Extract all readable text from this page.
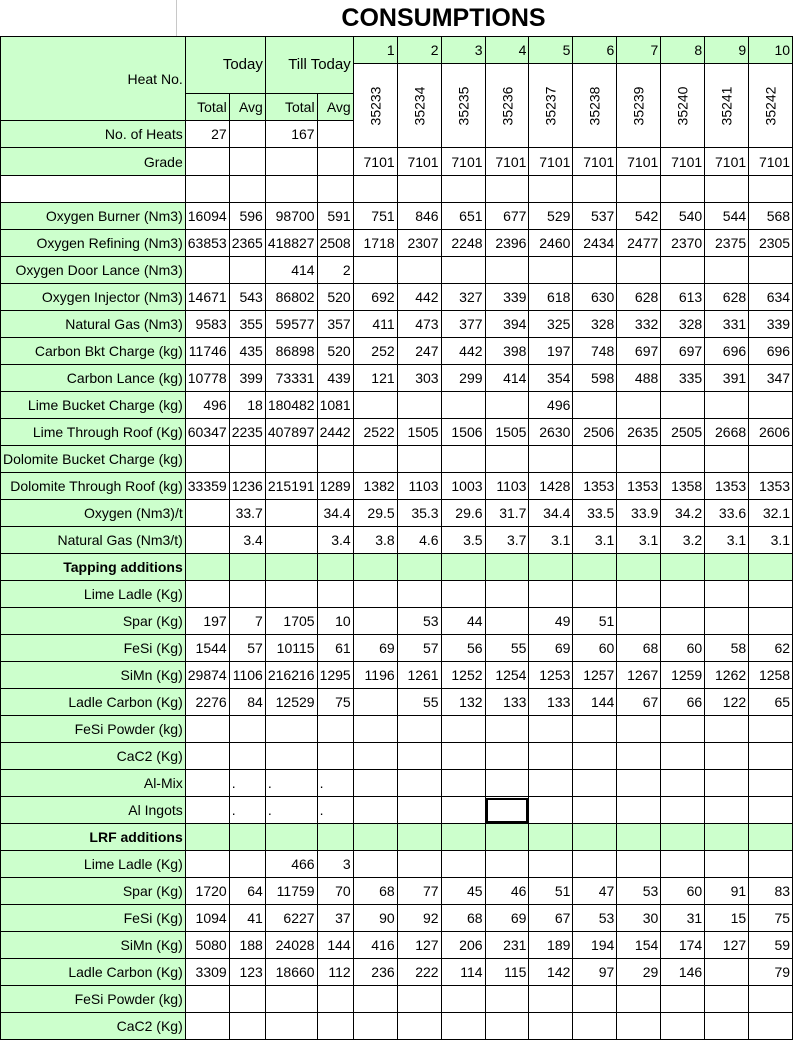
CONSUMPTIONS
Heat No.	Today		Till Today		1	2	3	4	5	6	7	8	9	10
					35233	35234	35235	35236	35237	35238	35239	35240	35241	35242
	Total	Avg	Total	Avg										
No. of Heats	27		167											
Grade					7101	7101	7101	7101	7101	7101	7101	7101	7101	7101

Oxygen Burner (Nm3)	16094	596	98700	591	751	846	651	677	529	537	542	540	544	568
Oxygen Refining (Nm3)	63853	2365	418827	2508	1718	2307	2248	2396	2460	2434	2477	2370	2375	2305
Oxygen Door Lance (Nm3)			414	2										
Oxygen Injector (Nm3)	14671	543	86802	520	692	442	327	339	618	630	628	613	628	634
Natural Gas (Nm3)	9583	355	59577	357	411	473	377	394	325	328	332	328	331	339
Carbon Bkt Charge (kg)	11746	435	86898	520	252	247	442	398	197	748	697	697	696	696
Carbon Lance (kg)	10778	399	73331	439	121	303	299	414	354	598	488	335	391	347
Lime Bucket Charge (kg)	496	18	180482	1081					496					
Lime Through Roof (Kg)	60347	2235	407897	2442	2522	1505	1506	1505	2630	2506	2635	2505	2668	2606
Dolomite Bucket Charge (kg)														
Dolomite Through Roof (kg)	33359	1236	215191	1289	1382	1103	1003	1103	1428	1353	1353	1358	1353	1353
Oxygen (Nm3)/t		33.7		34.4	29.5	35.3	29.6	31.7	34.4	33.5	33.9	34.2	33.6	32.1
Natural Gas (Nm3/t)		3.4		3.4	3.8	4.6	3.5	3.7	3.1	3.1	3.1	3.2	3.1	3.1
Tapping additions														
Lime Ladle (Kg)														
Spar (Kg)	197	7	1705	10		53	44		49	51				
FeSi (Kg)	1544	57	10115	61	69	57	56	55	69	60	68	60	58	62
SiMn (Kg)	29874	1106	216216	1295	1196	1261	1252	1254	1253	1257	1267	1259	1262	1258
Ladle Carbon (Kg)	2276	84	12529	75		55	132	133	133	144	67	66	122	65
FeSi Powder (kg)														
CaC2 (Kg)														
Al-Mix		.	.	.										
Al Ingots		.	.	.										
LRF additions														
Lime Ladle (Kg)			466	3										
Spar (Kg)	1720	64	11759	70	68	77	45	46	51	47	53	60	91	83
FeSi (Kg)	1094	41	6227	37	90	92	68	69	67	53	30	31	15	75
SiMn (Kg)	5080	188	24028	144	416	127	206	231	189	194	154	174	127	59
Ladle Carbon (Kg)	3309	123	18660	112	236	222	114	115	142	97	29	146		79
FeSi Powder (kg)														
CaC2 (Kg)														
